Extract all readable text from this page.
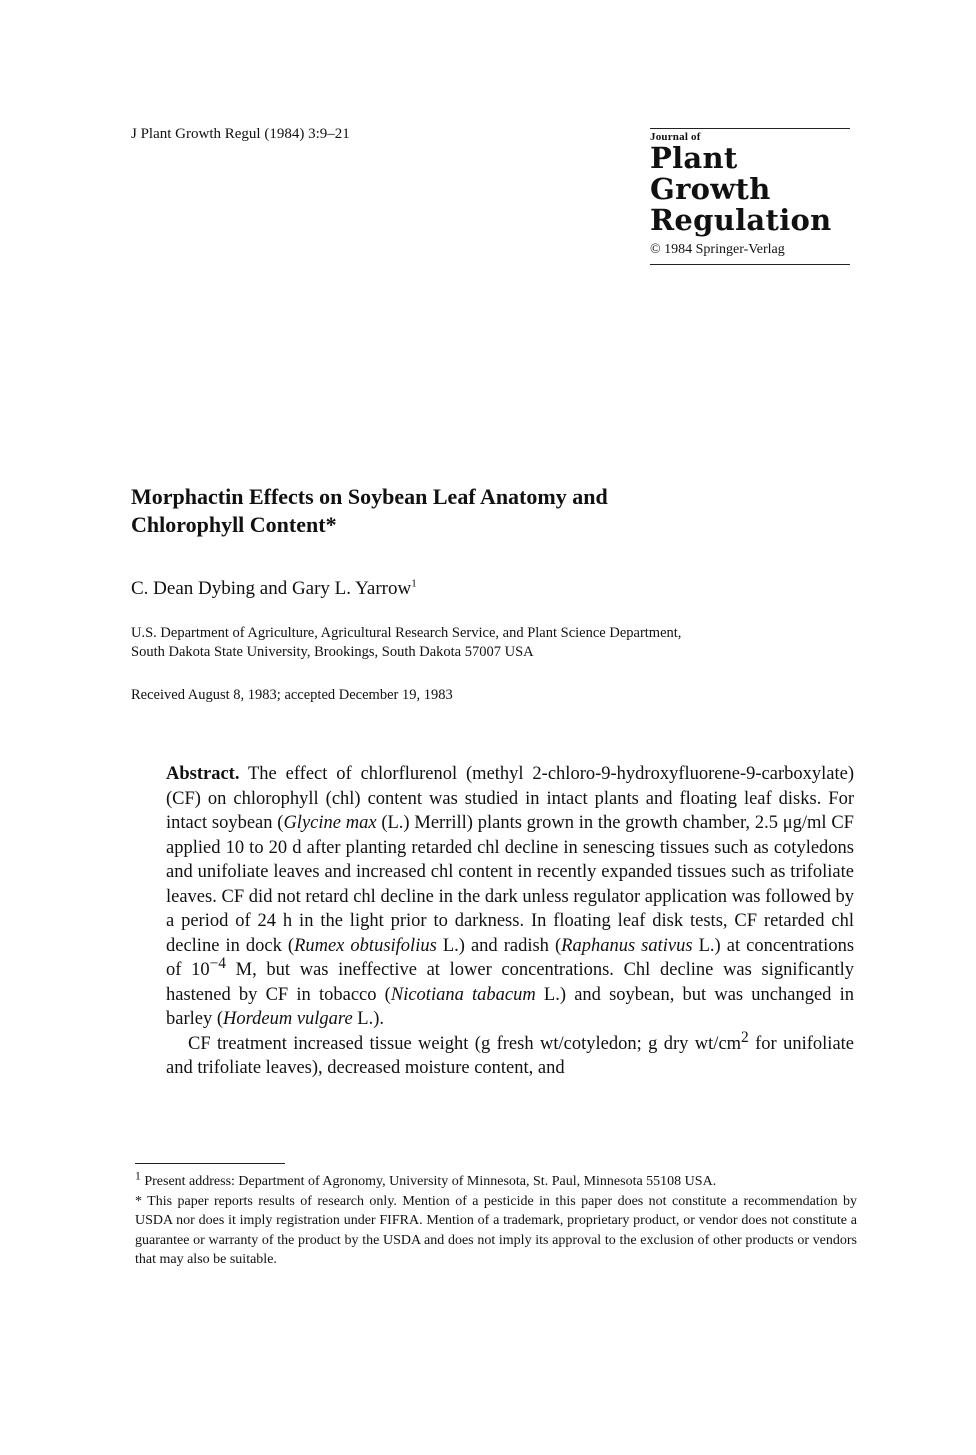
J Plant Growth Regul (1984) 3:9–21	Journal of
Plant
Growth
Regulation
© 1984 Springer-Verlag
Morphactin Effects on Soybean Leaf Anatomy and
Chlorophyll Content*
C. Dean Dybing and Gary L. Yarrow$^1$
U.S. Department of Agriculture, Agricultural Research Service, and Plant Science Department,
South Dakota State University, Brookings, South Dakota 57007 USA
Received August 8, 1983; accepted December 19, 1983

Abstract. The effect of chlorflurenol (methyl 2-chloro-9-hydroxyfluorene-9-carboxylate) (CF) on chlorophyll (chl) content was studied in intact plants and floating leaf disks. For intact soybean (Glycine max (L.) Merrill) plants grown in the growth chamber, 2.5 μg/ml CF applied 10 to 20 d after planting retarded chl decline in senescing tissues such as cotyledons and unifoliate leaves and increased chl content in recently expanded tissues such as trifoliate leaves. CF did not retard chl decline in the dark unless regulator application was followed by a period of 24 h in the light prior to darkness. In floating leaf disk tests, CF retarded chl decline in dock (Rumex obtusifolius L.) and radish (Raphanus sativus L.) at concentrations of $10^{-4}$ M, but was ineffective at lower concentrations. Chl decline was significantly hastened by CF in tobacco (Nicotiana tabacum L.) and soybean, but was unchanged in barley (Hordeum vulgare L.).

CF treatment increased tissue weight (g fresh wt/cotyledon; g dry $wt/cm^2$ for unifoliate and trifoliate leaves), decreased moisture content, and

$^1$ Present address: Department of Agronomy, University of Minnesota, St. Paul, Minnesota 55108 USA.

* This paper reports results of research only. Mention of a pesticide in this paper does not constitute a recommendation by USDA nor does it imply registration under FIFRA. Mention of a trademark, proprietary product, or vendor does not constitute a guarantee or warranty of the product by the USDA and does not imply its approval to the exclusion of other products or vendors that may also be suitable.
